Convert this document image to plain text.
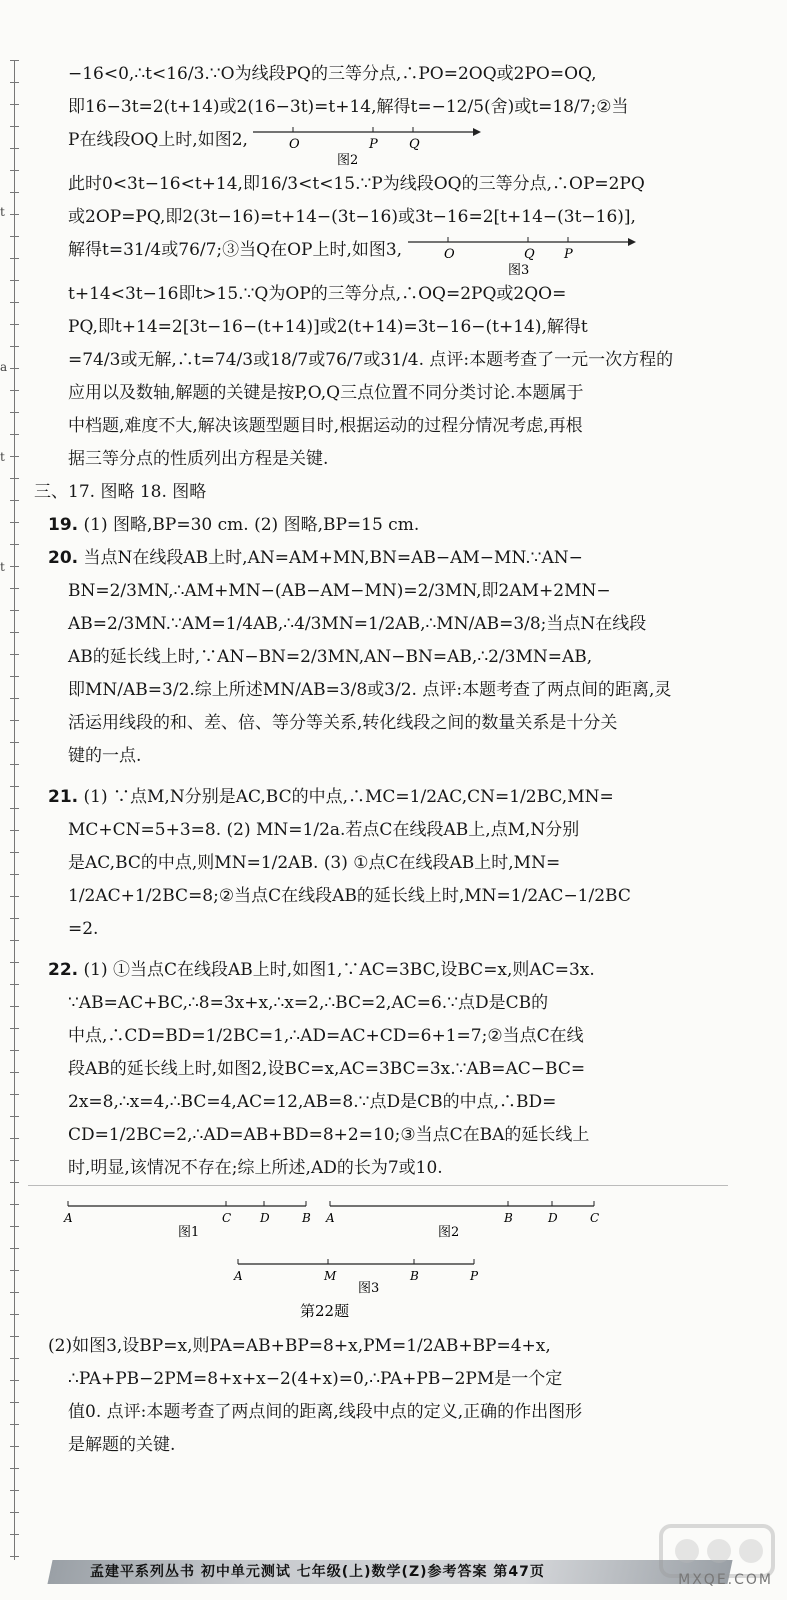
t
a
t
t

−16<0,∴t<16/3.∵O为线段PQ的三等分点,∴PO=2OQ或2PO=OQ,

即16−3t=2(t+14)或2(16−3t)=t+14,解得t=−12/5(舍)或t=18/7;②当

P在线段OQ上时,如图2,	O	P Q
图2

此时0<3t−16<t+14,即16/3<t<15.∵P为线段OQ的三等分点,∴OP=2PQ

或2OP=PQ,即2(3t−16)=t+14−(3t−16)或3t−16=2[t+14−(3t−16)],

解得t=31/4或76/7;③当Q在OP上时,如图3,	O	Q P
图3

t+14<3t−16即t>15.∵Q为OP的三等分点,∴OQ=2PQ或2QO=

PQ,即t+14=2[3t−16−(t+14)]或2(t+14)=3t−16−(t+14),解得t

=74/3或无解,∴t=74/3或18/7或76/7或31/4. 点评:本题考查了一元一次方程的

应用以及数轴,解题的关键是按P,O,Q三点位置不同分类讨论.本题属于

中档题,难度不大,解决该题型题目时,根据运动的过程分情况考虑,再根

据三等分点的性质列出方程是关键.

三、17. 图略 18. 图略

19. (1) 图略,BP=30 cm. (2) 图略,BP=15 cm.

20. 当点N在线段AB上时,AN=AM+MN,BN=AB−AM−MN.∵AN−
BN=2/3MN,∴AM+MN−(AB−AM−MN)=2/3MN,即2AM+2MN−
AB=2/3MN.∵AM=1/4AB,∴4/3MN=1/2AB,∴MN/AB=3/8;当点N在线段
AB的延长线上时,∵AN−BN=2/3MN,AN−BN=AB,∴2/3MN=AB,
即MN/AB=3/2.综上所述MN/AB=3/8或3/2. 点评:本题考查了两点间的距离,灵
活运用线段的和、差、倍、等分等关系,转化线段之间的数量关系是十分关
键的一点.
21. (1) ∵点M,N分别是AC,BC的中点,∴MC=1/2AC,CN=1/2BC,MN=
MC+CN=5+3=8. (2) MN=1/2a.若点C在线段AB上,点M,N分别
是AC,BC的中点,则MN=1/2AB. (3) ①点C在线段AB上时,MN=
1/2AC+1/2BC=8;②当点C在线段AB的延长线上时,MN=1/2AC−1/2BC
=2.
22. (1) ①当点C在线段AB上时,如图1,∵AC=3BC,设BC=x,则AC=3x.
∵AB=AC+BC,∴8=3x+x,∴x=2,∴BC=2,AC=6.∵点D是CB的
中点,∴CD=BD=1/2BC=1,∴AD=AC+CD=6+1=7;②当点C在线
段AB的延长线上时,如图2,设BC=x,AC=3BC=3x.∵AB=AC−BC=
2x=8,∴x=4,∴BC=4,AC=12,AB=8.∵点D是CB的中点,∴BD=
CD=1/2BC=2,∴AD=AB+BD=8+2=10;③当点C在BA的延长线上
时,明显,该情况不存在;综上所述,AD的长为7或10.
A	C D	B
图1
A	B	D	C
图2
A	M	B	P
图3
第22题
(2)如图3,设BP=x,则PA=AB+BP=8+x,PM=1/2AB+BP=4+x,
∴PA+PB−2PM=8+x+x−2(4+x)=0,∴PA+PB−2PM是一个定
值0. 点评:本题考查了两点间的距离,线段中点的定义,正确的作出图形
是解题的关键.
孟建平系列丛书 初中单元测试 七年级(上)数学(Z)参考答案 第47页	MXQE.COM
